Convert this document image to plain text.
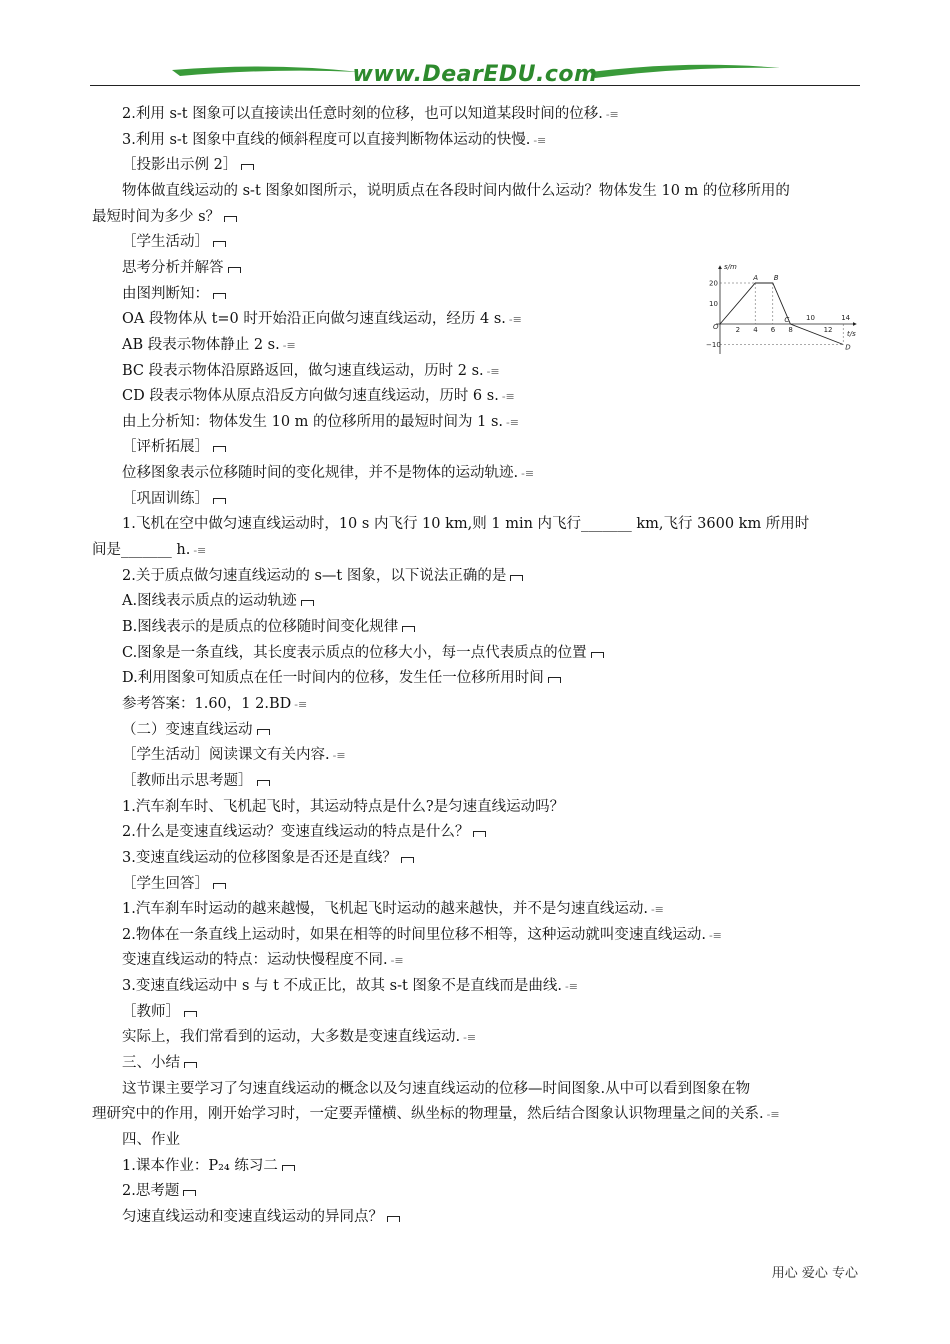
www.DearEDU.com
2.利用 s-t 图象可以直接读出任意时刻的位移，也可以知道某段时间的位移. -≡
3.利用 s-t 图象中直线的倾斜程度可以直接判断物体运动的快慢. -≡
［投影出示例 2］
物体做直线运动的 s-t 图象如图所示，说明质点在各段时间内做什么运动？物体发生 10 m 的位移所用的
最短时间为多少 s？
［学生活动］
思考分析并解答
由图判断知：
OA 段物体从 t=0 时开始沿正向做匀速直线运动，经历 4 s. -≡
AB 段表示物体静止 2 s. -≡
BC 段表示物体沿原路返回，做匀速直线运动，历时 2 s. -≡
CD 段表示物体从原点沿反方向做匀速直线运动，历时 6 s. -≡
由上分析知：物体发生 10 m 的位移所用的最短时间为 1 s. -≡
［评析拓展］
位移图象表示位移随时间的变化规律，并不是物体的运动轨迹. -≡
［巩固训练］
1.飞机在空中做匀速直线运动时，10 s 内飞行 10 km,则 1 min 内飞行_______ km,飞行 3600 km 所用时
间是_______ h. -≡
2.关于质点做匀速直线运动的 s—t 图象，以下说法正确的是
A.图线表示质点的运动轨迹
B.图线表示的是质点的位移随时间变化规律
C.图象是一条直线，其长度表示质点的位移大小，每一点代表质点的位置
D.利用图象可知质点在任一时间内的位移，发生任一位移所用时间
参考答案：1.60，1 2.BD -≡
（二）变速直线运动
［学生活动］阅读课文有关内容. -≡
［教师出示思考题］
1.汽车刹车时、飞机起飞时，其运动特点是什么?是匀速直线运动吗？
2.什么是变速直线运动？变速直线运动的特点是什么？
3.变速直线运动的位移图象是否还是直线？
［学生回答］
1.汽车刹车时运动的越来越慢，飞机起飞时运动的越来越快，并不是匀速直线运动. -≡
2.物体在一条直线上运动时，如果在相等的时间里位移不相等，这种运动就叫变速直线运动. -≡
变速直线运动的特点：运动快慢程度不同. -≡
3.变速直线运动中 s 与 t 不成正比，故其 s-t 图象不是直线而是曲线. -≡
［教师］
实际上，我们常看到的运动，大多数是变速直线运动. -≡
三、小结
这节课主要学习了匀速直线运动的概念以及匀速直线运动的位移—时间图象.从中可以看到图象在物
理研究中的作用，刚开始学习时，一定要弄懂横、纵坐标的物理量，然后结合图象认识物理量之间的关系. -≡
四、作业
1.课本作业：P₂₄ 练习二
2.思考题
匀速直线运动和变速直线运动的异同点？
s/m
t/s
20
10
O
−10
2 4 6 8
10
12
14
A B
C
D
用心 爱心 专心
